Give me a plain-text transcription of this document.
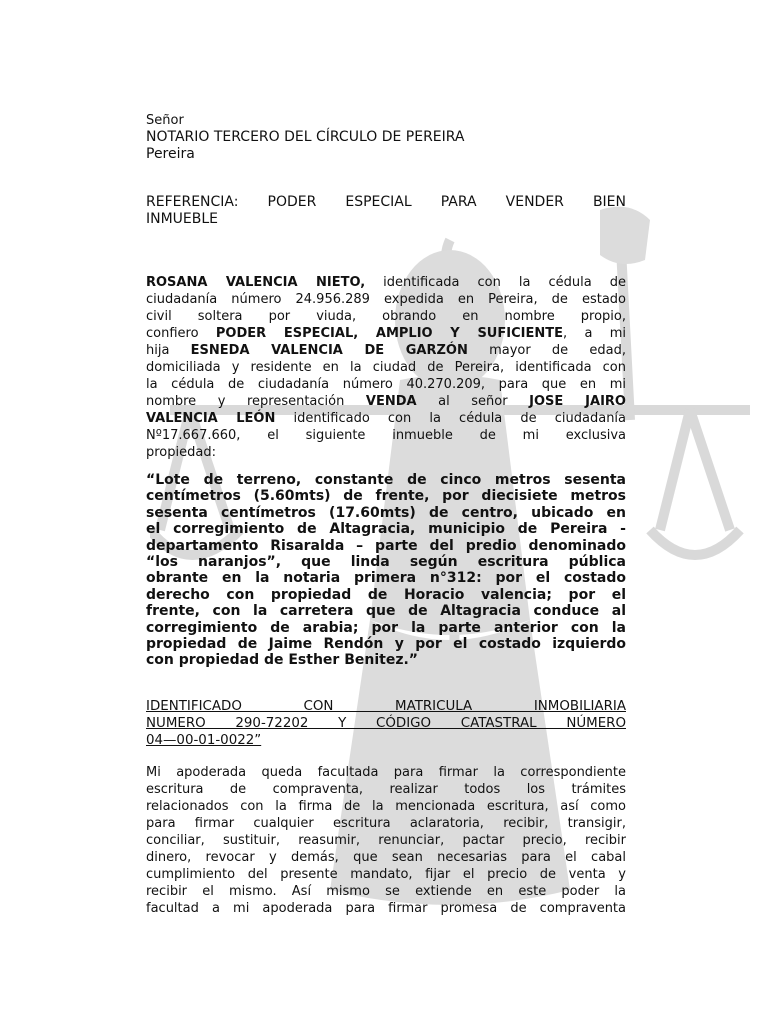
Señor
NOTARIO TERCERO DEL CÍRCULO DE PEREIRA
Pereira
REFERENCIA: PODER ESPECIAL PARA VENDER BIEN
INMUEBLE
ROSANA VALENCIA NIETO, identificada con la cédula de
ciudadanía número 24.956.289 expedida en Pereira, de estado
civil soltera por viuda, obrando en nombre propio,
confiero PODER ESPECIAL, AMPLIO Y SUFICIENTE, a mi
hija ESNEDA VALENCIA DE GARZÓN mayor de edad,
domiciliada y residente en la ciudad de Pereira, identificada con
la cédula de ciudadanía número 40.270.209, para que en mi
nombre y representación VENDA al señor JOSE JAIRO
VALENCIA LEÓN identificado con la cédula de ciudadanía
Nº17.667.660, el siguiente inmueble de mi exclusiva
propiedad:
“Lote de terreno, constante de cinco metros sesenta
centímetros (5.60mts) de frente, por diecisiete metros
sesenta centímetros (17.60mts) de centro, ubicado en
el corregimiento de Altagracia, municipio de Pereira -
departamento Risaralda – parte del predio denominado
“los naranjos”, que linda según escritura pública
obrante en la notaria primera n°312: por el costado
derecho con propiedad de Horacio valencia; por el
frente, con la carretera que de Altagracia conduce al
corregimiento de arabia; por la parte anterior con la
propiedad de Jaime Rendón y por el costado izquierdo
con propiedad de Esther Benitez.”
IDENTIFICADO CON MATRICULA INMOBILIARIA
NUMERO 290-72202 Y CÓDIGO CATASTRAL NÚMERO
04—00-01-0022”
Mi apoderada queda facultada para firmar la correspondiente
escritura de compraventa, realizar todos los trámites
relacionados con la firma de la mencionada escritura, así como
para firmar cualquier escritura aclaratoria, recibir, transigir,
conciliar, sustituir, reasumir, renunciar, pactar precio, recibir
dinero, revocar y demás, que sean necesarias para el cabal
cumplimiento del presente mandato, fijar el precio de venta y
recibir el mismo. Así mismo se extiende en este poder la
facultad a mi apoderada para firmar promesa de compraventa
